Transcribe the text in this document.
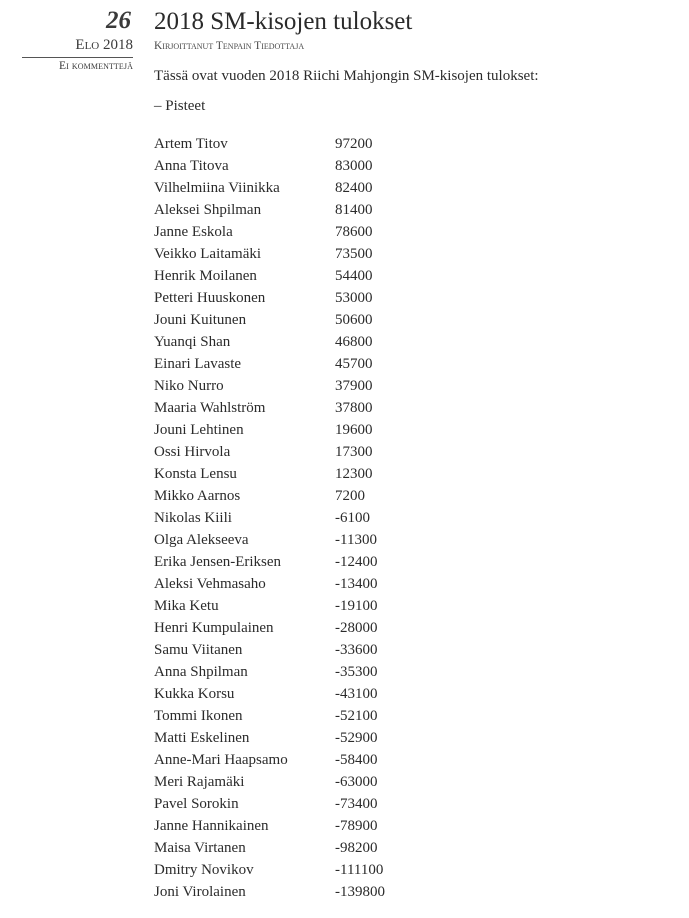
26
Elo 2018
Ei kommenttejä
2018 SM-kisojen tulokset
Kirjoittanut Tenpain Tiedottaja
Tässä ovat vuoden 2018 Riichi Mahjongin SM-kisojen tulokset:
– Pisteet
Artem Titov	97200
Anna Titova	83000
Vilhelmiina Viinikka	82400
Aleksei Shpilman	81400
Janne Eskola	78600
Veikko Laitamäki	73500
Henrik Moilanen	54400
Petteri Huuskonen	53000
Jouni Kuitunen	50600
Yuanqi Shan	46800
Einari Lavaste	45700
Niko Nurro	37900
Maaria Wahlström	37800
Jouni Lehtinen	19600
Ossi Hirvola	17300
Konsta Lensu	12300
Mikko Aarnos	7200
Nikolas Kiili	-6100
Olga Alekseeva	-11300
Erika Jensen-Eriksen	-12400
Aleksi Vehmasaho	-13400
Mika Ketu	-19100
Henri Kumpulainen	-28000
Samu Viitanen	-33600
Anna Shpilman	-35300
Kukka Korsu	-43100
Tommi Ikonen	-52100
Matti Eskelinen	-52900
Anne-Mari Haapsamo	-58400
Meri Rajamäki	-63000
Pavel Sorokin	-73400
Janne Hannikainen	-78900
Maisa Virtanen	-98200
Dmitry Novikov	-111100
Joni Virolainen	-139800
